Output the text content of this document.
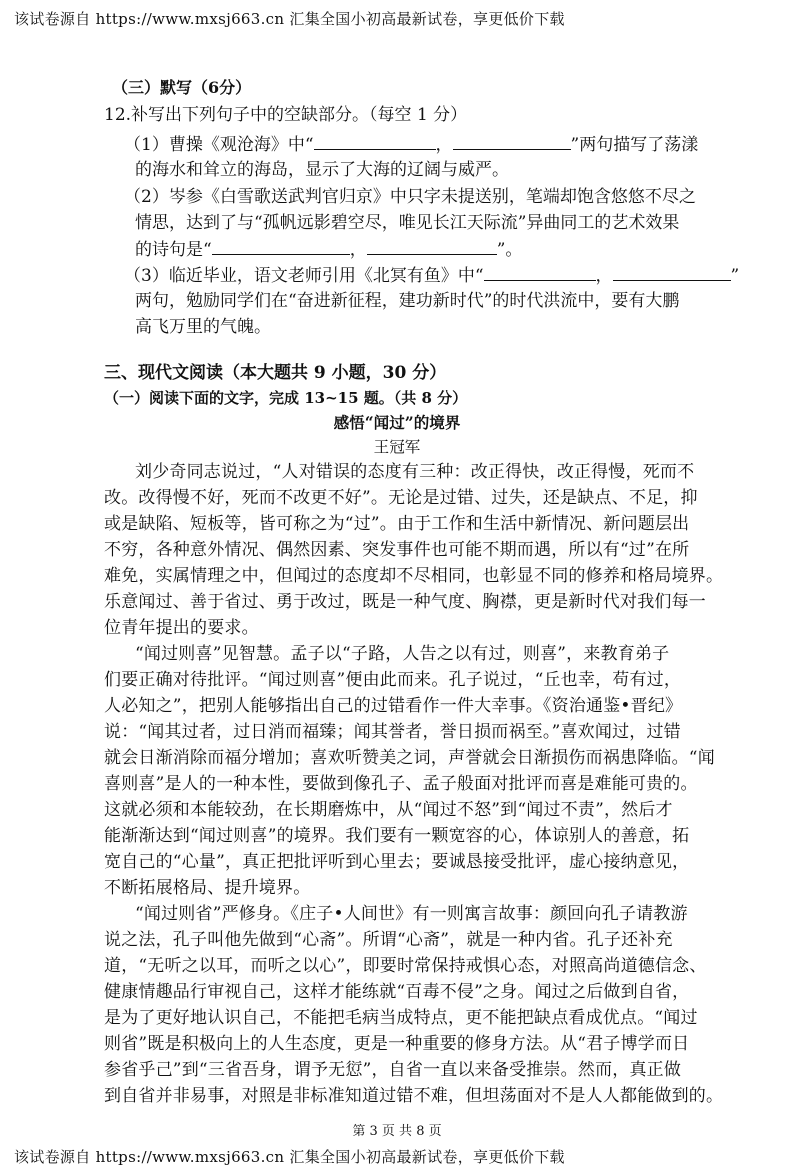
该试卷源自 https://www.mxsj663.cn 汇集全国小初高最新试卷，享更低价下载
（三）默写（6分）
12.补写出下列句子中的空缺部分。（每空 1 分）
（1）曹操《观沧海》中“	，	”两句描写了荡漾
的海水和耸立的海岛，显示了大海的辽阔与威严。
（2）岑参《白雪歌送武判官归京》中只字未提送别，笔端却饱含悠悠不尽之
情思，达到了与“孤帆远影碧空尽，唯见长江天际流”异曲同工的艺术效果
的诗句是“	，	”。
（3）临近毕业，语文老师引用《北冥有鱼》中“	，	”
两句，勉励同学们在“奋进新征程，建功新时代”的时代洪流中，要有大鹏
高飞万里的气魄。
三、现代文阅读（本大题共 9 小题，30 分）
（一）阅读下面的文字，完成 13~15 题。（共 8 分）
感悟“闻过”的境界
王冠军
刘少奇同志说过，“人对错误的态度有三种：改正得快，改正得慢，死而不
改。改得慢不好，死而不改更不好”。无论是过错、过失，还是缺点、不足，抑
或是缺陷、短板等，皆可称之为“过”。由于工作和生活中新情况、新问题层出
不穷，各种意外情况、偶然因素、突发事件也可能不期而遇，所以有“过”在所
难免，实属情理之中，但闻过的态度却不尽相同，也彰显不同的修养和格局境界。
乐意闻过、善于省过、勇于改过，既是一种气度、胸襟，更是新时代对我们每一
位青年提出的要求。
“闻过则喜”见智慧。孟子以“子路，人告之以有过，则喜”，来教育弟子
们要正确对待批评。“闻过则喜”便由此而来。孔子说过，“丘也幸，苟有过，
人必知之”，把别人能够指出自己的过错看作一件大幸事。《资治通鉴•晋纪》
说：“闻其过者，过日消而福臻；闻其誉者，誉日损而祸至。”喜欢闻过，过错
就会日渐消除而福分增加；喜欢听赞美之词，声誉就会日渐损伤而祸患降临。“闻
喜则喜”是人的一种本性，要做到像孔子、孟子般面对批评而喜是难能可贵的。
这就必须和本能较劲，在长期磨炼中，从“闻过不怒”到“闻过不责”，然后才
能渐渐达到“闻过则喜”的境界。我们要有一颗宽容的心，体谅别人的善意，拓
宽自己的“心量”，真正把批评听到心里去；要诚恳接受批评，虚心接纳意见，
不断拓展格局、提升境界。
“闻过则省”严修身。《庄子•人间世》有一则寓言故事：颜回向孔子请教游
说之法，孔子叫他先做到“心斋”。所谓“心斋”，就是一种内省。孔子还补充
道，“无听之以耳，而听之以心”，即要时常保持戒惧心态，对照高尚道德信念、
健康情趣品行审视自己，这样才能练就“百毒不侵”之身。闻过之后做到自省，
是为了更好地认识自己，不能把毛病当成特点，更不能把缺点看成优点。“闻过
则省”既是积极向上的人生态度，更是一种重要的修身方法。从“君子博学而日
参省乎己”到“三省吾身，谓予无愆”，自省一直以来备受推崇。然而，真正做
到自省并非易事，对照是非标准知道过错不难，但坦荡面对不是人人都能做到的。
第 3 页 共 8 页
该试卷源自 https://www.mxsj663.cn 汇集全国小初高最新试卷，享更低价下载
